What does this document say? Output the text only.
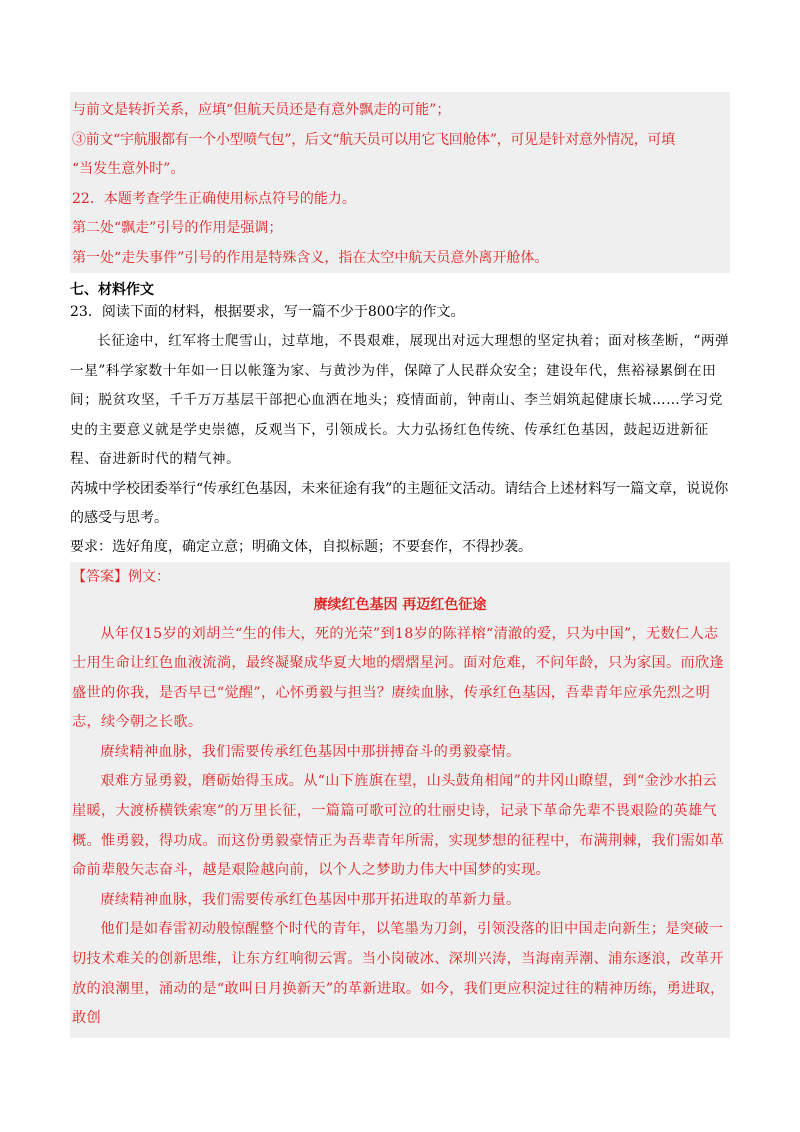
与前文是转折关系，应填“但航天员还是有意外飘走的可能”；
③前文“宇航服都有一个小型喷气包”，后文“航天员可以用它飞回舱体”，可见是针对意外情况，可填
“当发生意外时”。
22．本题考查学生正确使用标点符号的能力。
第二处“飘走”引号的作用是强调；
第一处“走失事件”引号的作用是特殊含义，指在太空中航天员意外离开舱体。
七、材料作文
23．阅读下面的材料，根据要求，写一篇不少于800字的作文。

长征途中，红军将士爬雪山，过草地，不畏艰难，展现出对远大理想的坚定执着；面对核垄断，“两弹一星”科学家数十年如一日以帐篷为家、与黄沙为伴，保障了人民群众安全；建设年代，焦裕禄累倒在田间；脱贫攻坚，千千万万基层干部把心血洒在地头；疫情面前，钟南山、李兰娟筑起健康长城……学习党史的主要意义就是学史崇德，反观当下，引领成长。大力弘扬红色传统、传承红色基因，鼓起迈进新征程、奋进新时代的精气神。

芮城中学校团委举行“传承红色基因，未来征途有我”的主题征文活动。请结合上述材料写一篇文章，说说你的感受与思考。
要求：选好角度，确定立意；明确文体，自拟标题；不要套作，不得抄袭。
【答案】例文：
赓续红色基因 再迈红色征途

从年仅15岁的刘胡兰“生的伟大，死的光荣”到18岁的陈祥榕“清澈的爱，只为中国”，无数仁人志士用生命让红色血液流淌，最终凝聚成华夏大地的熠熠星河。面对危难，不问年龄，只为家国。而欣逢盛世的你我，是否早已“觉醒”，心怀勇毅与担当？赓续血脉，传承红色基因，吾辈青年应承先烈之明志，续今朝之长歌。

赓续精神血脉，我们需要传承红色基因中那拼搏奋斗的勇毅豪情。

艰难方显勇毅，磨砺始得玉成。从“山下旌旗在望，山头鼓角相闻”的井冈山瞭望，到“金沙水拍云崖暖，大渡桥横铁索寒”的万里长征，一篇篇可歌可泣的壮丽史诗，记录下革命先辈不畏艰险的英雄气概。惟勇毅，得功成。而这份勇毅豪情正为吾辈青年所需，实现梦想的征程中，布满荆棘，我们需如革命前辈般矢志奋斗，越是艰险越向前，以个人之梦助力伟大中国梦的实现。

赓续精神血脉，我们需要传承红色基因中那开拓进取的革新力量。

他们是如春雷初动般惊醒整个时代的青年，以笔墨为刀剑，引领没落的旧中国走向新生；是突破一切技术难关的创新思维，让东方红响彻云霄。当小岗破冰、深圳兴涛，当海南弄潮、浦东逐浪，改革开放的浪潮里，涌动的是“敢叫日月换新天”的革新进取。如今，我们更应积淀过往的精神历练，勇进取，敢创
